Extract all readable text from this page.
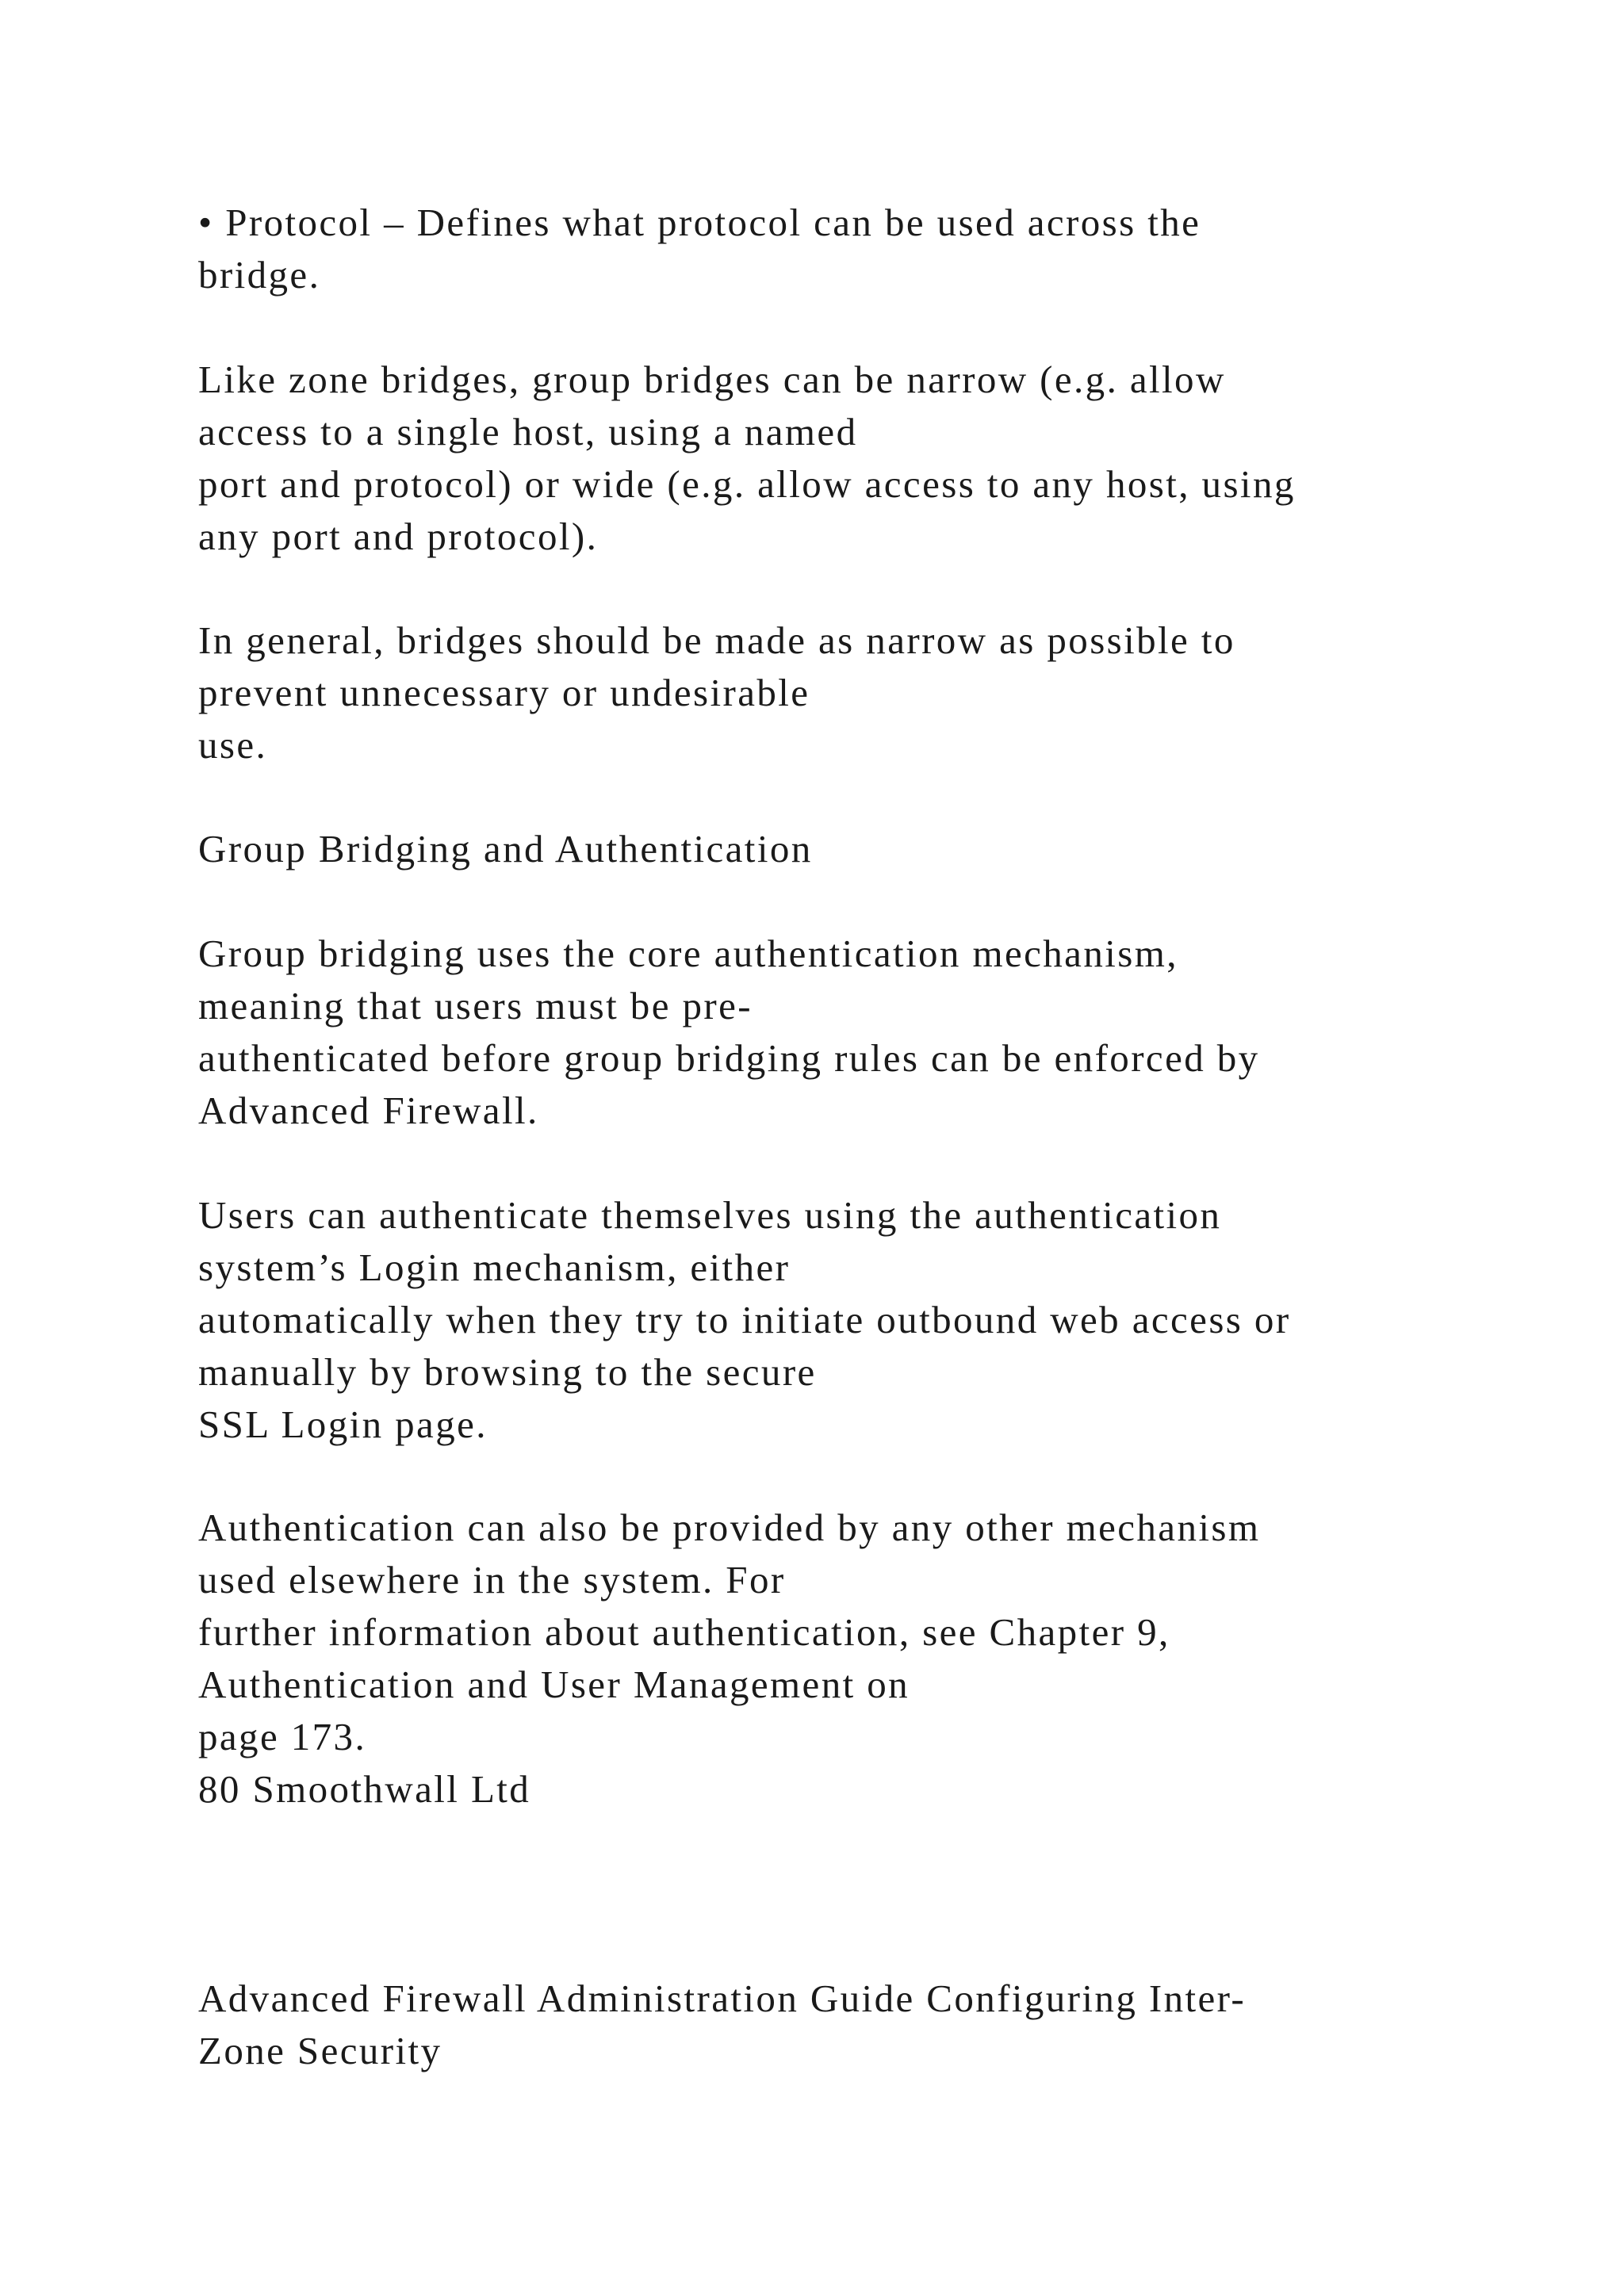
• Protocol – Defines what protocol can be used across the
bridge.
Like zone bridges, group bridges can be narrow (e.g. allow
access to a single host, using a named
port and protocol) or wide (e.g. allow access to any host, using
any port and protocol).
In general, bridges should be made as narrow as possible to
prevent unnecessary or undesirable
use.
Group Bridging and Authentication
Group bridging uses the core authentication mechanism,
meaning that users must be pre-
authenticated before group bridging rules can be enforced by
Advanced Firewall.
Users can authenticate themselves using the authentication
system’s Login mechanism, either
automatically when they try to initiate outbound web access or
manually by browsing to the secure
SSL Login page.
Authentication can also be provided by any other mechanism
used elsewhere in the system. For
further information about authentication, see Chapter 9,
Authentication and User Management on
page 173.
80 Smoothwall Ltd
Advanced Firewall Administration Guide Configuring Inter-
Zone Security
